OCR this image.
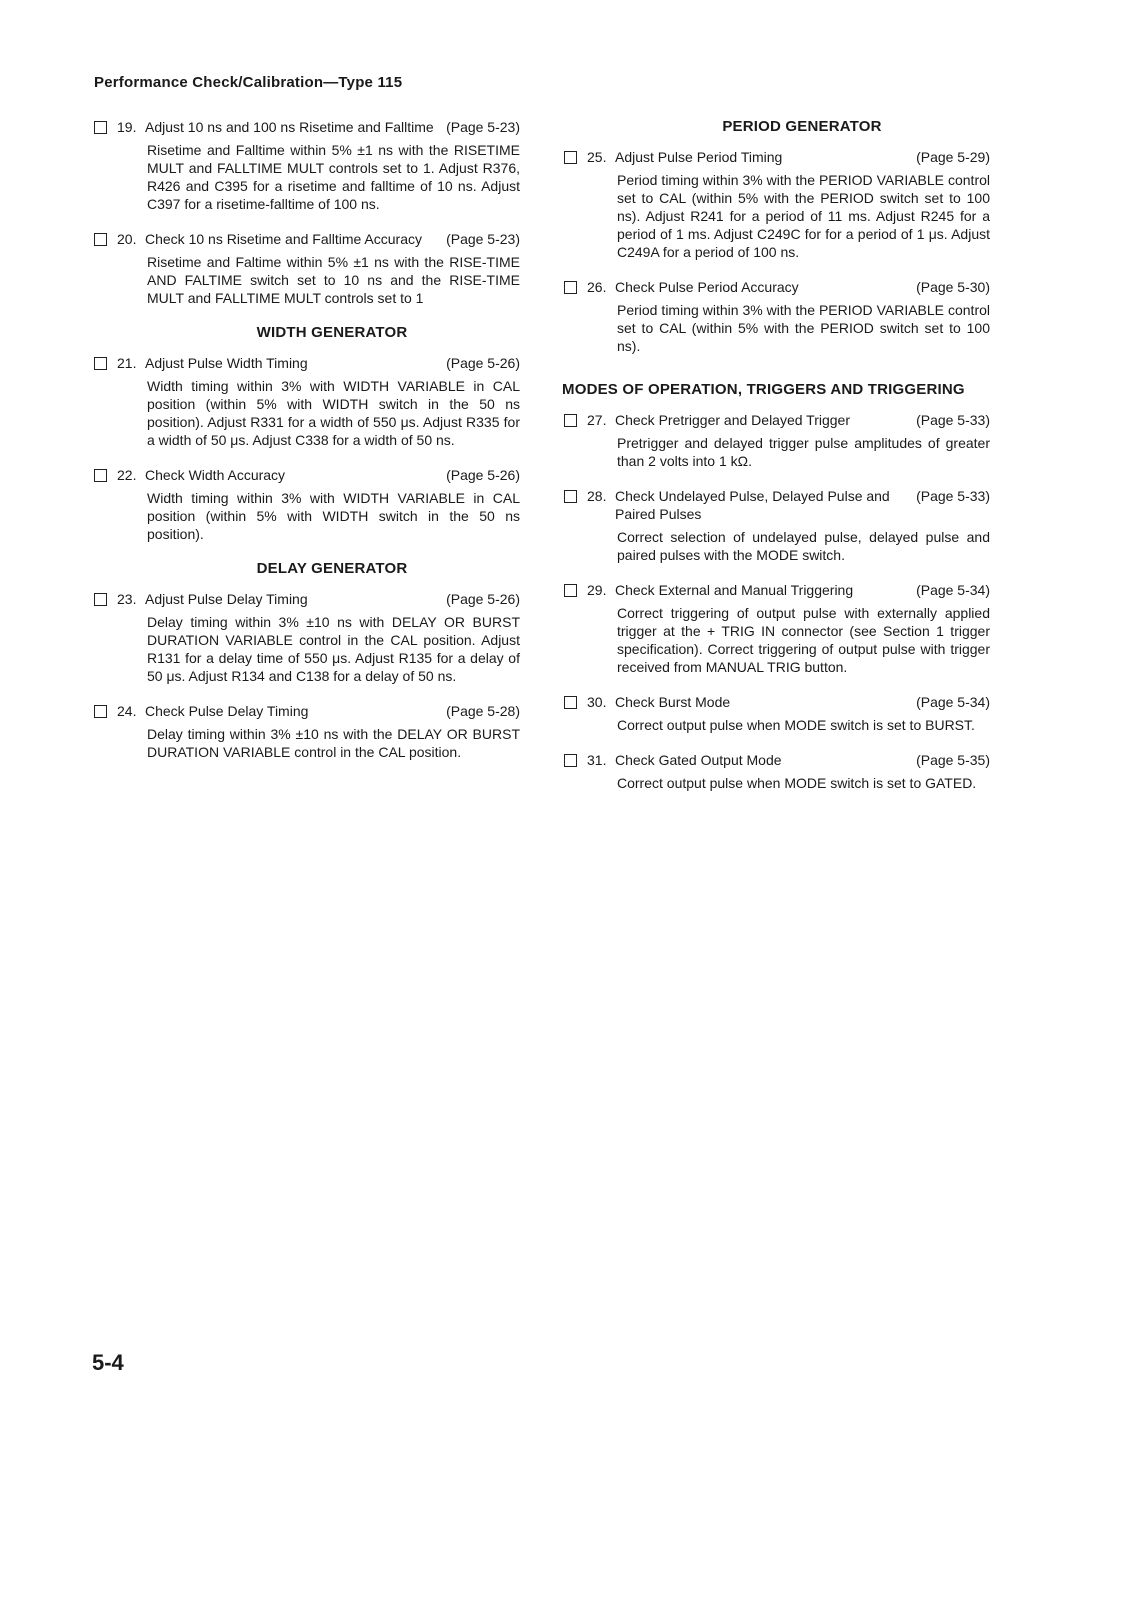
Performance Check/Calibration—Type 115
19. Adjust 10 ns and 100 ns Risetime and Falltime (Page 5-23)
Risetime and Falltime within 5% ±1 ns with the RISETIME MULT and FALLTIME MULT controls set to 1. Adjust R376, R426 and C395 for a risetime and falltime of 10 ns. Adjust C397 for a risetime-falltime of 100 ns.
20. Check 10 ns Risetime and Falltime Accuracy	(Page 5-23)
Risetime and Faltime within 5% ±1 ns with the RISE-TIME AND FALTIME switch set to 10 ns and the RISE-TIME MULT and FALLTIME MULT controls set to 1
WIDTH GENERATOR
21. Adjust Pulse Width Timing	(Page 5-26)
Width timing within 3% with WIDTH VARIABLE in CAL position (within 5% with WIDTH switch in the 50 ns position). Adjust R331 for a width of 550 μs. Adjust R335 for a width of 50 μs. Adjust C338 for a width of 50 ns.
22. Check Width Accuracy	(Page 5-26)
Width timing within 3% with WIDTH VARIABLE in CAL position (within 5% with WIDTH switch in the 50 ns position).
DELAY GENERATOR
23. Adjust Pulse Delay Timing	(Page 5-26)
Delay timing within 3% ±10 ns with DELAY OR BURST DURATION VARIABLE control in the CAL position. Adjust R131 for a delay time of 550 μs. Adjust R135 for a delay of 50 μs. Adjust R134 and C138 for a delay of 50 ns.
24. Check Pulse Delay Timing	(Page 5-28)
Delay timing within 3% ±10 ns with the DELAY OR BURST DURATION VARIABLE control in the CAL position.
PERIOD GENERATOR
25. Adjust Pulse Period Timing	(Page 5-29)
Period timing within 3% with the PERIOD VARIABLE control set to CAL (within 5% with the PERIOD switch set to 100 ns). Adjust R241 for a period of 11 ms. Adjust R245 for a period of 1 ms. Adjust C249C for for a period of 1 μs. Adjust C249A for a period of 100 ns.
26. Check Pulse Period Accuracy	(Page 5-30)
Period timing within 3% with the PERIOD VARIABLE control set to CAL (within 5% with the PERIOD switch set to 100 ns).
MODES OF OPERATION, TRIGGERS AND TRIGGERING
27. Check Pretrigger and Delayed Trigger	(Page 5-33)
Pretrigger and delayed trigger pulse amplitudes of greater than 2 volts into 1 kΩ.
28. Check Undelayed Pulse, Delayed Pulse and Paired Pulses
(Page 5-33)
Correct selection of undelayed pulse, delayed pulse and paired pulses with the MODE switch.
29. Check External and Manual Triggering	(Page 5-34)
Correct triggering of output pulse with externally applied trigger at the + TRIG IN connector (see Section 1 trigger specification). Correct triggering of output pulse with trigger received from MANUAL TRIG button.
30. Check Burst Mode	(Page 5-34)
Correct output pulse when MODE switch is set to BURST.
31. Check Gated Output Mode	(Page 5-35)
Correct output pulse when MODE switch is set to GATED.
5-4
